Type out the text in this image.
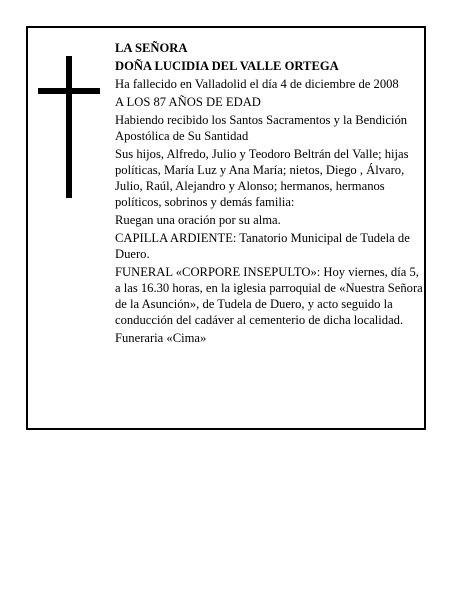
LA SEÑORA

DOÑA LUCIDIA DEL VALLE ORTEGA

Ha fallecido en Valladolid el día 4 de diciembre de 2008

A LOS 87 AÑOS DE EDAD

Habiendo recibido los Santos Sacramentos y la Bendición Apostólica de Su Santidad

Sus hijos, Alfredo, Julio y Teodoro Beltrán del Valle; hijas políticas, María Luz y Ana María; nietos, Diego , Álvaro, Julio, Raúl, Alejandro y Alonso; hermanos, hermanos políticos, sobrinos y demás familia:

Ruegan una oración por su alma.

CAPILLA ARDIENTE: Tanatorio Municipal de Tudela de Duero.

FUNERAL «CORPORE INSEPULTO»: Hoy viernes, día 5, a las 16.30 horas, en la iglesia parroquial de «Nuestra Señora de la Asunción», de Tudela de Duero, y acto seguido la conducción del cadáver al cementerio de dicha localidad.

Funeraria «Cima»
